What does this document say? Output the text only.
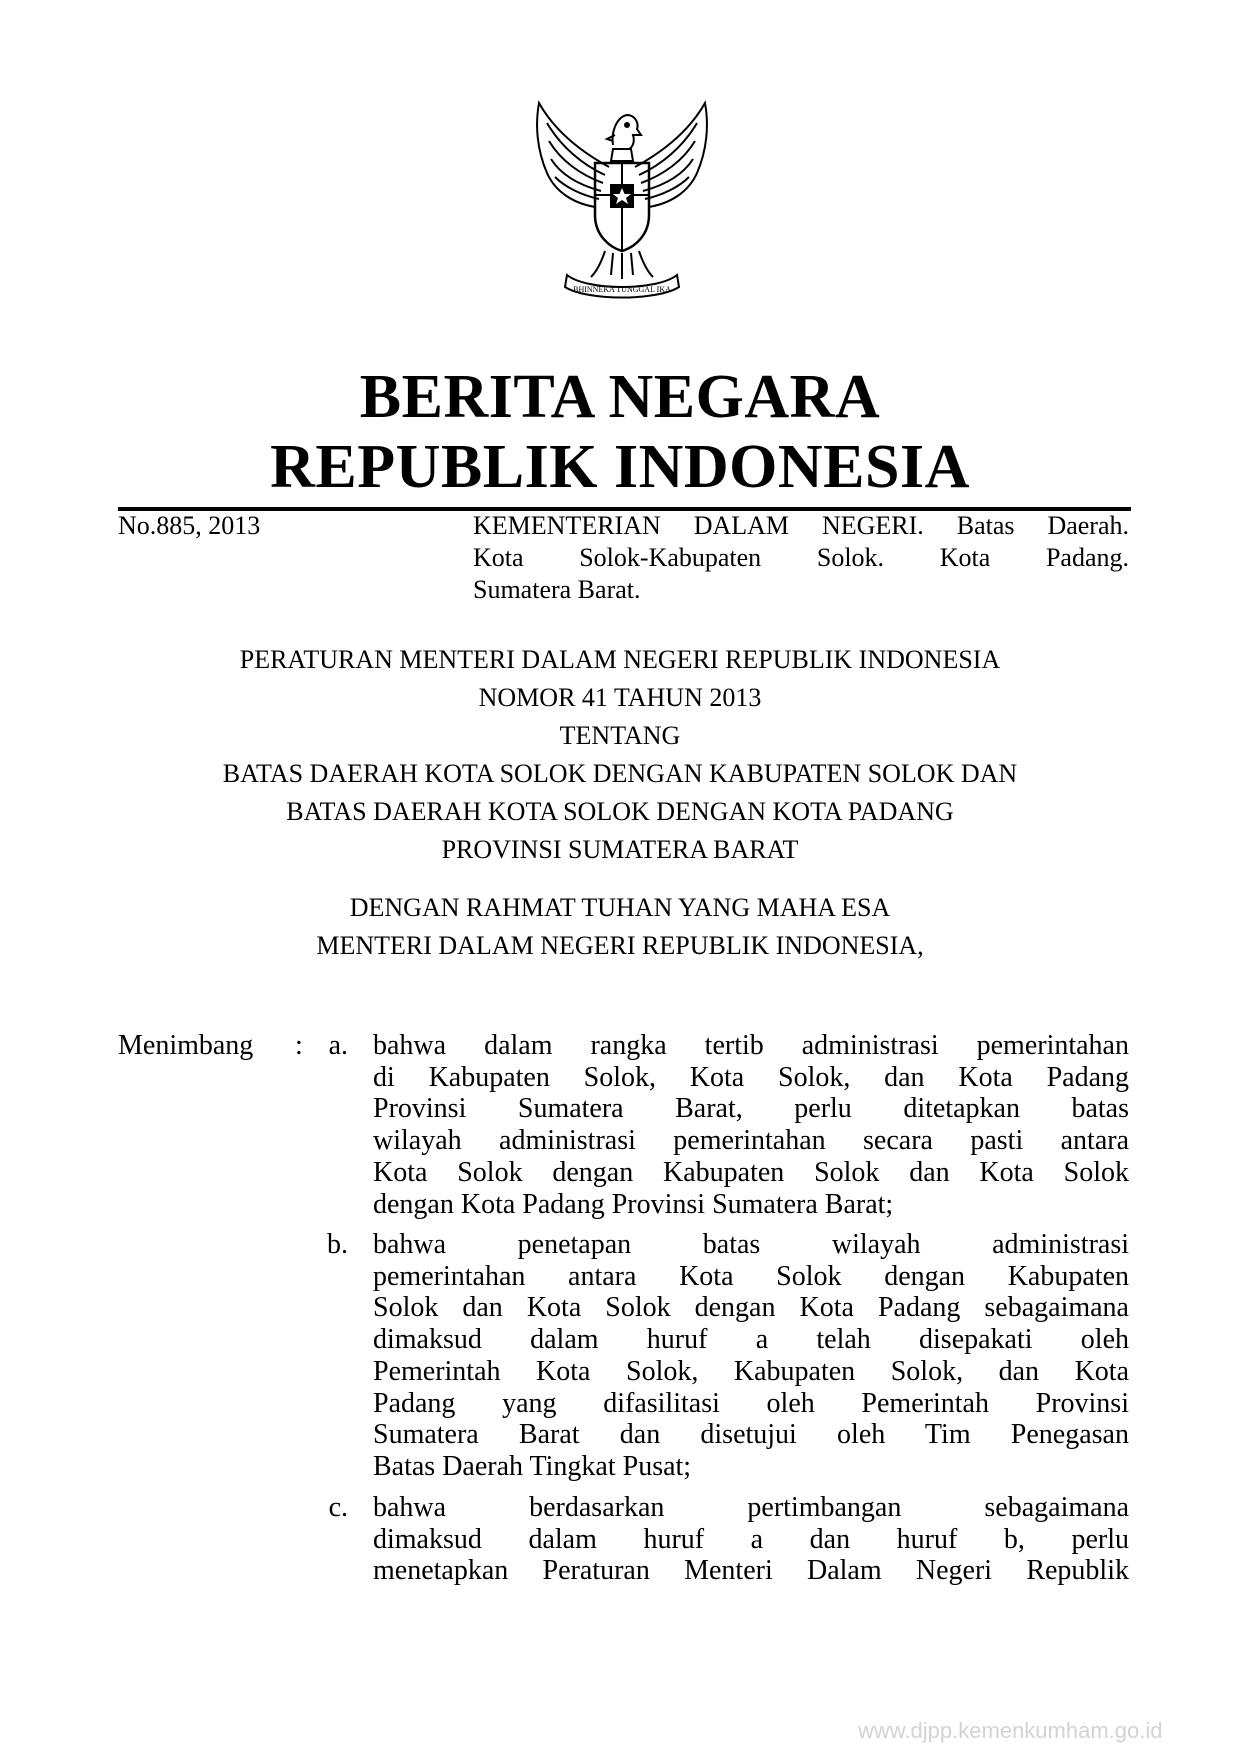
BHINNEKA TUNGGAL IKA
BERITA NEGARA
REPUBLIK INDONESIA
No.885, 2013	KEMENTERIAN DALAM NEGERI. Batas Daerah.
Kota Solok-Kabupaten Solok. Kota Padang.
Sumatera Barat.
PERATURAN MENTERI DALAM NEGERI REPUBLIK INDONESIA
NOMOR 41 TAHUN 2013
TENTANG
BATAS DAERAH KOTA SOLOK DENGAN KABUPATEN SOLOK DAN
BATAS DAERAH KOTA SOLOK DENGAN KOTA PADANG
PROVINSI SUMATERA BARAT
DENGAN RAHMAT TUHAN YANG MAHA ESA
MENTERI DALAM NEGERI REPUBLIK INDONESIA,
Menimbang : a. bahwa dalam rangka tertib administrasi pemerintahan
di Kabupaten Solok, Kota Solok, dan Kota Padang
Provinsi Sumatera Barat, perlu ditetapkan batas
wilayah administrasi pemerintahan secara pasti antara
Kota Solok dengan Kabupaten Solok dan Kota Solok
dengan Kota Padang Provinsi Sumatera Barat;
b. bahwa penetapan batas wilayah administrasi
pemerintahan antara Kota Solok dengan Kabupaten
Solok dan Kota Solok dengan Kota Padang sebagaimana
dimaksud dalam huruf a telah disepakati oleh
Pemerintah Kota Solok, Kabupaten Solok, dan Kota
Padang yang difasilitasi oleh Pemerintah Provinsi
Sumatera Barat dan disetujui oleh Tim Penegasan
Batas Daerah Tingkat Pusat;
c. bahwa berdasarkan pertimbangan sebagaimana
dimaksud dalam huruf a dan huruf b, perlu
menetapkan Peraturan Menteri Dalam Negeri Republik
www.djpp.kemenkumham.go.id
